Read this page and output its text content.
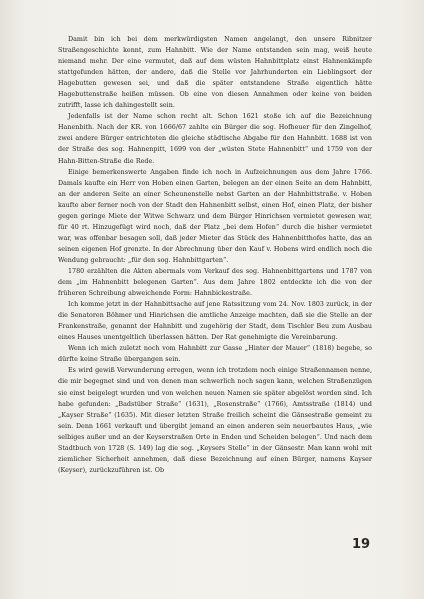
Damit bin ich bei dem merkwürdigsten Namen angelangt, den unsere Ribnitzer Straßengeschichte kennt, zum Hahnbitt. Wie der Name entstanden sein mag, weiß heute niemand mehr. Der eine vermutet, daß auf dem wüsten Hahnbittplatz einst Hahnenkämpfe stattgefunden hätten, der andere, daß die Stelle vor Jahrhunderten ein Lieblingsort der Hagebutten gewesen sei, und daß die später entstandene Straße eigentlich hätte Hagebuttenstraße heißen müssen. Ob eine von diesen Annahmen oder keine von beiden zutrifft, lasse ich dahingestellt sein.

Jedenfalls ist der Name schon recht alt. Schon 1621 stoße ich auf die Bezeichnung Hanenbith. Nach der KR. von 1666/67 zahlte ein Bürger die sog. Hofheuer für den Zingelhof, zwei andere Bürger entrichteten die gleiche städtische Abgabe für den Hahnbitt. 1688 ist von der Straße des sog. Hahnenpitt, 1699 von der „wüsten Stete Hahnenbitt“ und 1759 von der Hahn-Bitten-Straße die Rede.

Einige bemerkenswerte Angaben finde ich noch in Aufzeichnungen aus dem Jahre 1766. Damals kaufte ein Herr von Hoben einen Garten, belegen an der einen Seite an dem Hahnbitt, an der anderen Seite an einer Scheunenstelle nebst Garten an der Hahnbittstraße. v. Hoben kaufte aber ferner noch von der Stadt den Hahnenbitt selbst, einen Hof, einen Platz, der bisher gegen geringe Miete der Witwe Schwarz und dem Bürger Hinrichsen vermietet gewesen war, für 40 rt. Hinzugefügt wird noch, daß der Platz „bei dem Hofen“ durch die bisher vermietet war, was offenbar besagen soll, daß jeder Mieter das Stück des Hahnenbitthofes hatte, das an seinen eigenen Hof grenzte. In der Abrechnung über den Kauf v. Hobens wird endlich noch die Wendung gebraucht: „für den sog. Hahnbittgarten“.

1780 erzählten die Akten abermals vom Verkauf des sog. Hahnenbittgartens und 1787 von dem „im Hahnenbitt belegenen Garten“. Aus dem Jahre 1802 entdeckte ich die von der früheren Schreibung abweichende Form: Hahnbickestraße.

Ich komme jetzt in der Hahnbittsache auf jene Ratssitzung vom 24. Nov. 1803 zurück, in der die Senatoren Böhmer und Hinrichsen die amtliche Anzeige machten, daß sie die Stelle an der Frankenstraße, genannt der Hahnbitt und zugehörig der Stadt, dem Tischler Beu zum Ausbau eines Hauses unentgeltlich überlassen hätten. Der Rat genehmigte die Vereinbarung.

Wenn ich mich zuletzt noch vom Hahnbitt zur Gasse „Hinter der Mauer“ (1818) begebe, so dürfte keine Straße übergangen sein.

Es wird gewiß Verwunderung erregen, wenn ich trotzdem noch einige Straßennamen nenne, die mir begegnet sind und von denen man schwerlich noch sagen kann, welchen Straßenzügen sie einst beigelegt wurden und von welchen neuen Namen sie später abgelöst worden sind. Ich habe gefunden: „Badstüber Straße“ (1631), „Rosenstraße“ (1766), Amtsstraße (1814) und „Kayser Straße“ (1635). Mit dieser letzten Straße freilich scheint die Gänsestraße gemeint zu sein. Denn 1661 verkauft und übergibt jemand an einen anderen sein neuerbautes Haus, „wie selbiges außer und an der Keyserstraßen Orte in Enden und Scheiden belegen“. Und nach dem Stadtbuch von 1728 (S. 149) lag die sog. „Keysers Stelle“ in der Gänsestr. Man kann wohl mit ziemlicher Sicherheit annehmen, daß diese Bezeichnung auf einen Bürger, namens Kayser (Keyser), zurückzuführen ist. Ob

19
